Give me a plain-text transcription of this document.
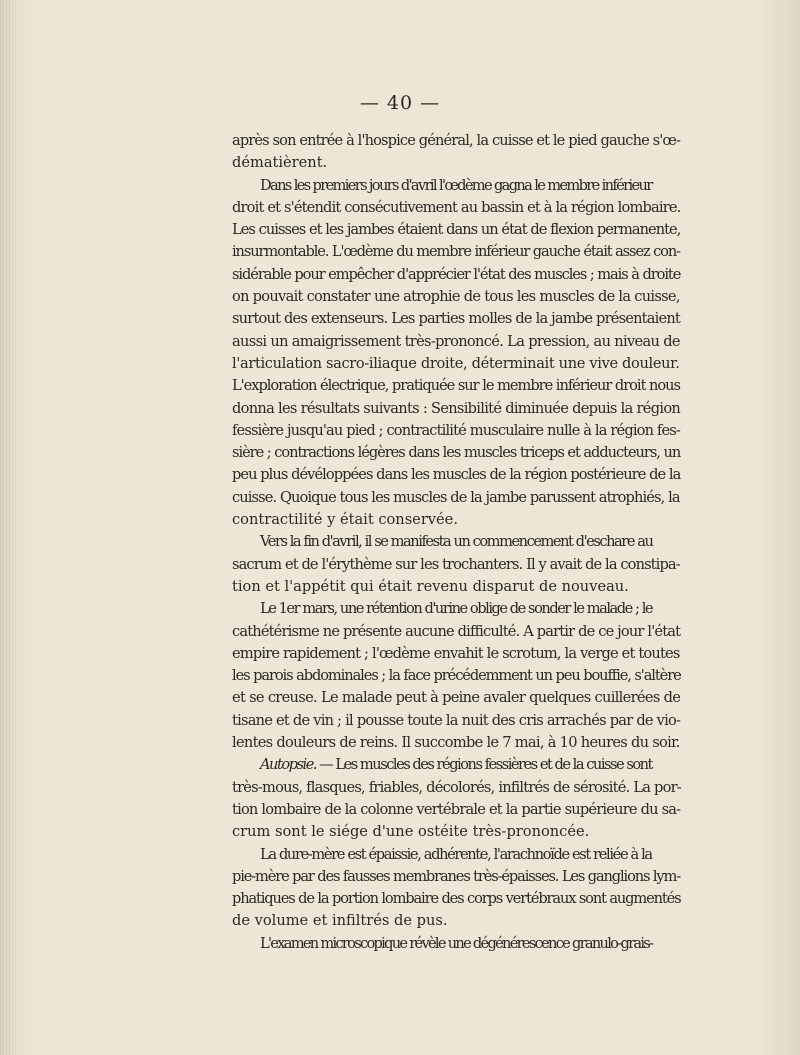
— 40 —
après son entrée à l'hospice général, la cuisse et le pied gauche s'œ-
dématièrent.
Dans les premiers jours d'avril l'œdème gagna le membre inférieur
droit et s'étendit consécutivement au bassin et à la région lombaire.
Les cuisses et les jambes étaient dans un état de flexion permanente,
insurmontable. L'œdème du membre inférieur gauche était assez con-
sidérable pour empêcher d'apprécier l'état des muscles ; mais à droite
on pouvait constater une atrophie de tous les muscles de la cuisse,
surtout des extenseurs. Les parties molles de la jambe présentaient
aussi un amaigrissement très-prononcé. La pression, au niveau de
l'articulation sacro-iliaque droite, déterminait une vive douleur.
L'exploration électrique, pratiquée sur le membre inférieur droit nous
donna les résultats suivants : Sensibilité diminuée depuis la région
fessière jusqu'au pied ; contractilité musculaire nulle à la région fes-
sière ; contractions légères dans les muscles triceps et adducteurs, un
peu plus dévéloppées dans les muscles de la région postérieure de la
cuisse. Quoique tous les muscles de la jambe parussent atrophiés, la
contractilité y était conservée.
Vers la fin d'avril, il se manifesta un commencement d'eschare au
sacrum et de l'érythème sur les trochanters. Il y avait de la constipa-
tion et l'appétit qui était revenu disparut de nouveau.
Le 1er mars, une rétention d'urine oblige de sonder le malade ; le
cathétérisme ne présente aucune difficulté. A partir de ce jour l'état
empire rapidement ; l'œdème envahit le scrotum, la verge et toutes
les parois abdominales ; la face précédemment un peu bouffie, s'altère
et se creuse. Le malade peut à peine avaler quelques cuillerées de
tisane et de vin ; il pousse toute la nuit des cris arrachés par de vio-
lentes douleurs de reins. Il succombe le 7 mai, à 10 heures du soir.
Autopsie. — Les muscles des régions fessières et de la cuisse sont
très-mous, flasques, friables, décolorés, infiltrés de sérosité. La por-
tion lombaire de la colonne vertébrale et la partie supérieure du sa-
crum sont le siége d'une ostéite très-prononcée.
La dure-mère est épaissie, adhérente, l'arachnoïde est reliée à la
pie-mère par des fausses membranes très-épaisses. Les ganglions lym-
phatiques de la portion lombaire des corps vertébraux sont augmentés
de volume et infiltrés de pus.
L'examen microscopique révèle une dégénérescence granulo-grais-
